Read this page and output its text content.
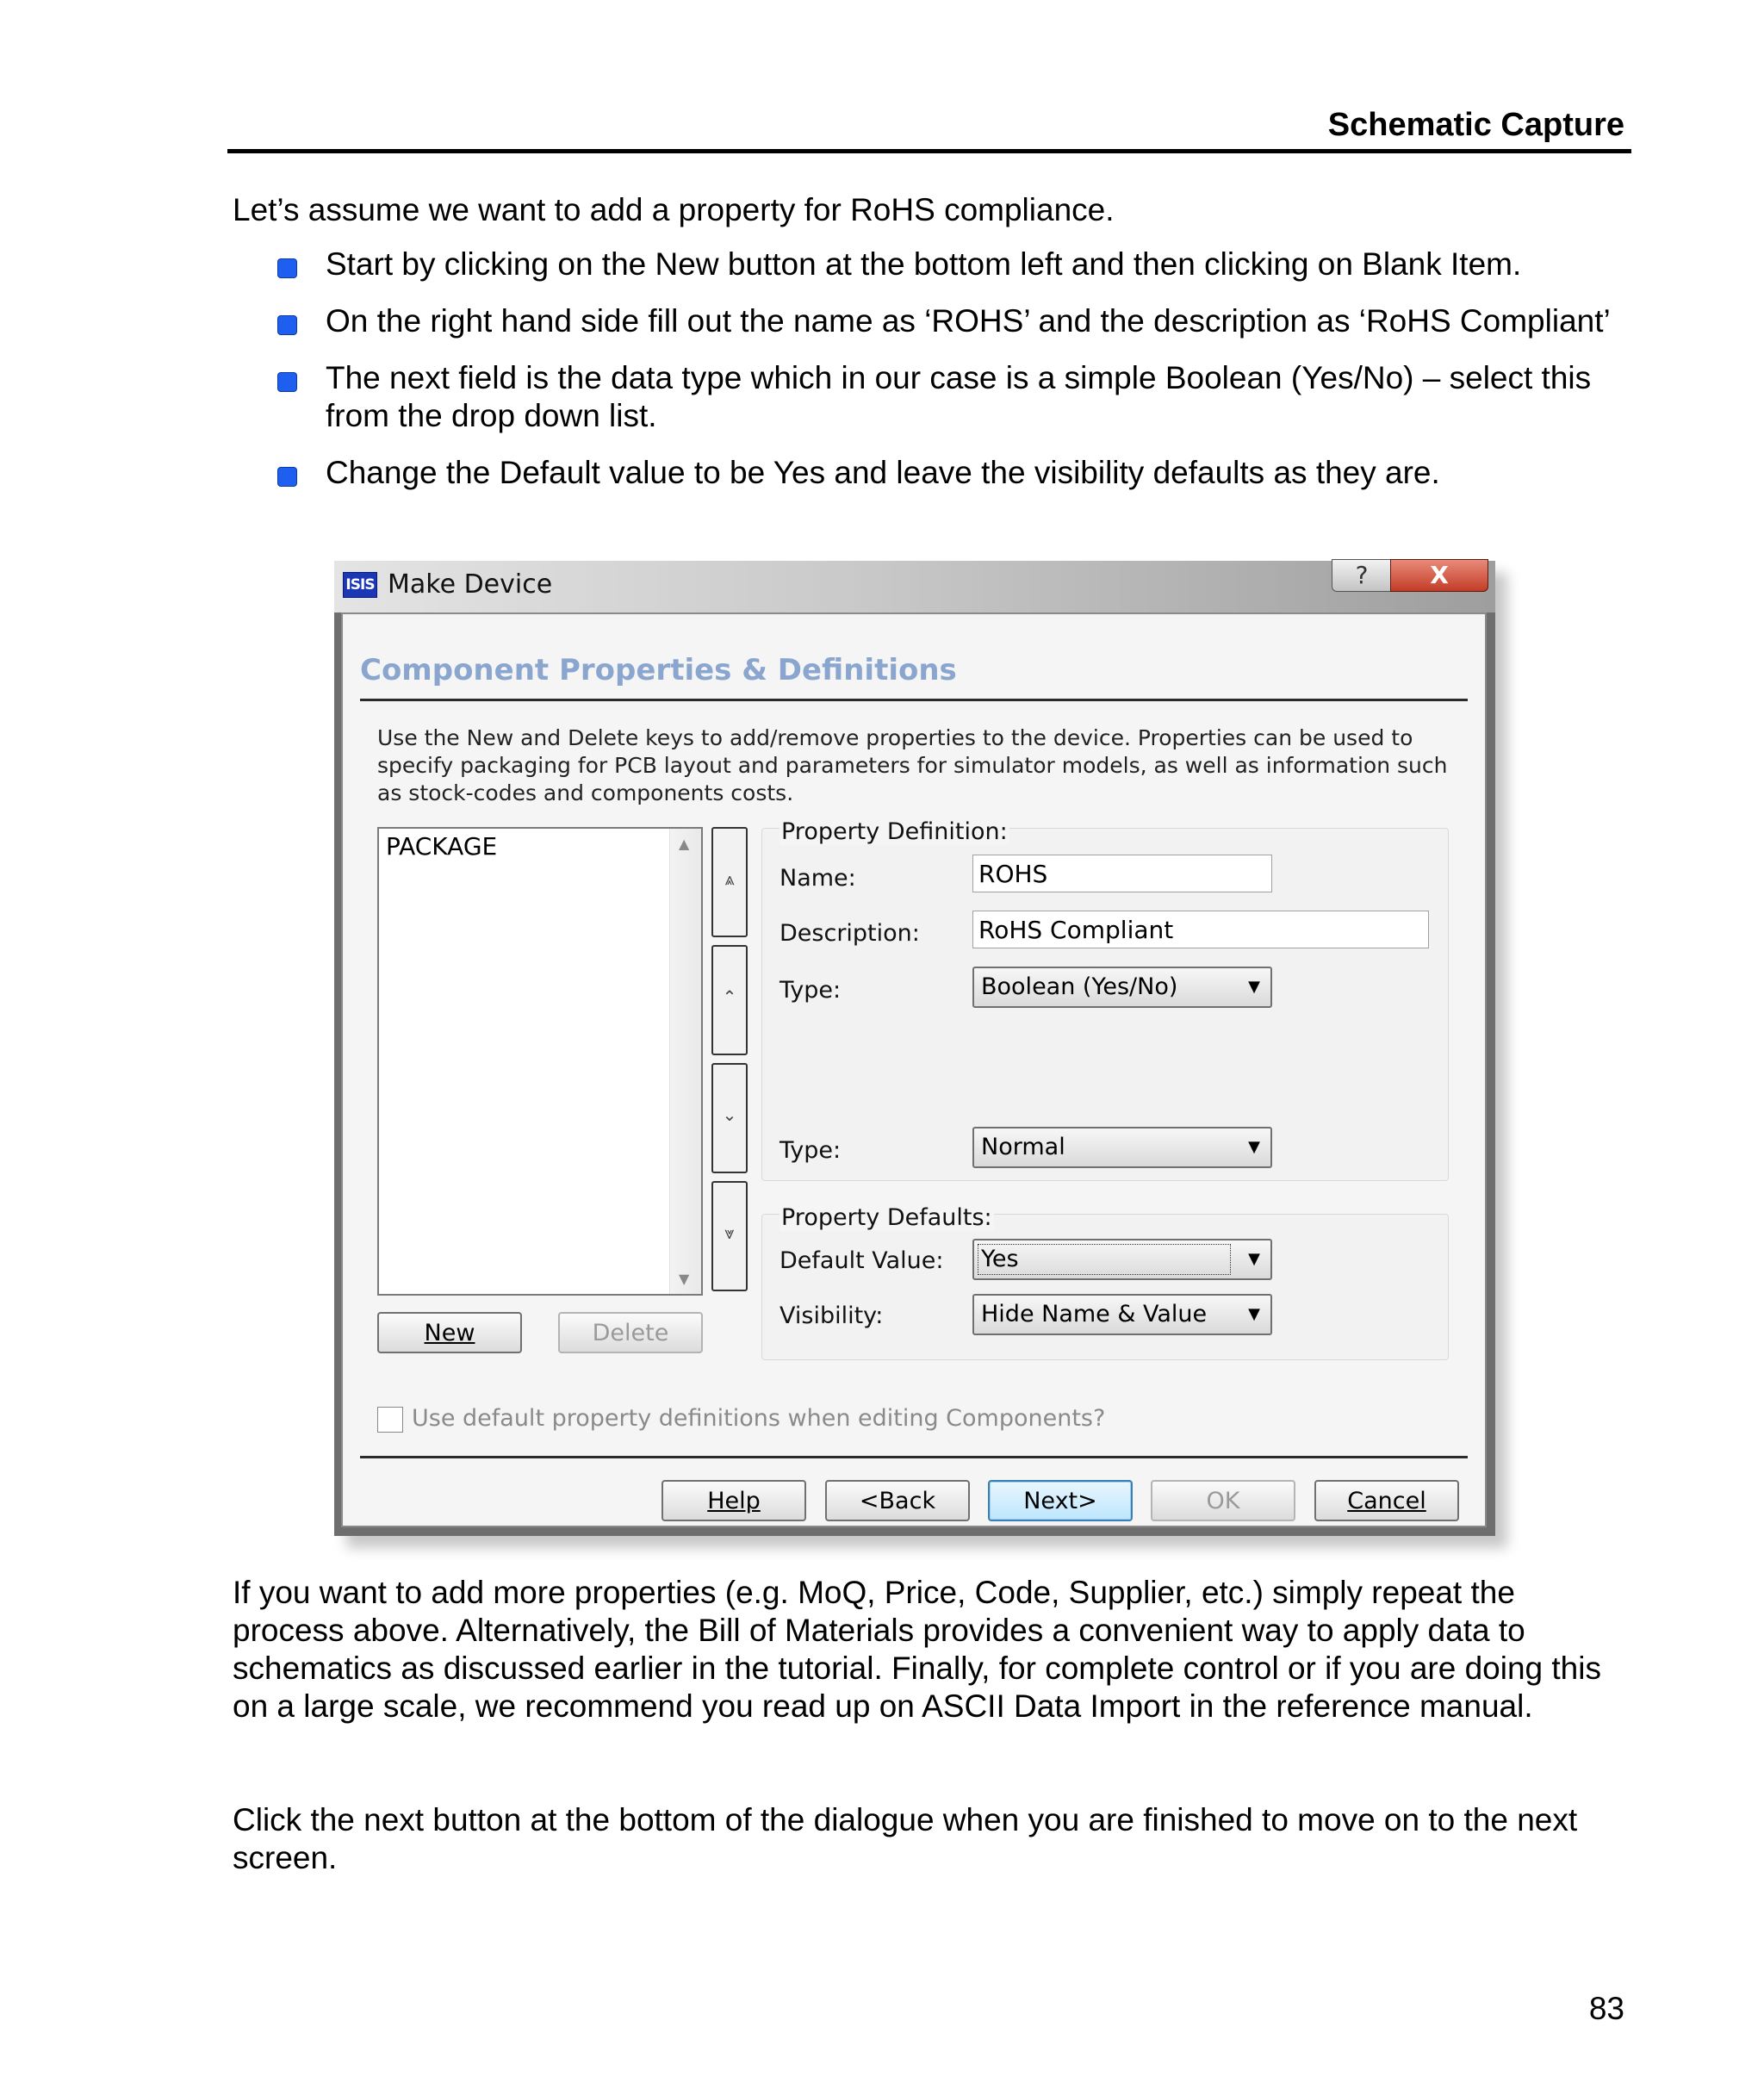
Schematic Capture

Let’s assume we want to add a property for RoHS compliance.

Start by clicking on the New button at the bottom left and then clicking on Blank Item.
On the right hand side fill out the name as ‘ROHS’ and the description as ‘RoHS Compliant’
The next field is the data type which in our case is a simple Boolean (Yes/No) – select this from the drop down list.
Change the Default value to be Yes and leave the visibility defaults as they are.
ISIS Make Device	?	X
Component Properties & Definitions
Use the New and Delete keys to add/remove properties to the device. Properties can be used to specify packaging for PCB layout and parameters for simulator models, as well as information such as stock-codes and components costs.
PACKAGE	▲
▼
⩓
⌃
⌄
⩔
New	Delete
Property Definition:
Name:	ROHS
Description: RoHS Compliant
Type:	Boolean (Yes/No)	▼
Type:	Normal	▼
Property Defaults:
Default Value:	Yes	▼
Visibility:	Hide Name & Value	▼
Use default property definitions when editing Components?
Help	<Back	Next>	OK	Cancel

If you want to add more properties (e.g. MoQ, Price, Code, Supplier, etc.) simply repeat the process above. Alternatively, the Bill of Materials provides a convenient way to apply data to schematics as discussed earlier in the tutorial. Finally, for complete control or if you are doing this on a large scale, we recommend you read up on ASCII Data Import in the reference manual.

Click the next button at the bottom of the dialogue when you are finished to move on to the next screen.

83
